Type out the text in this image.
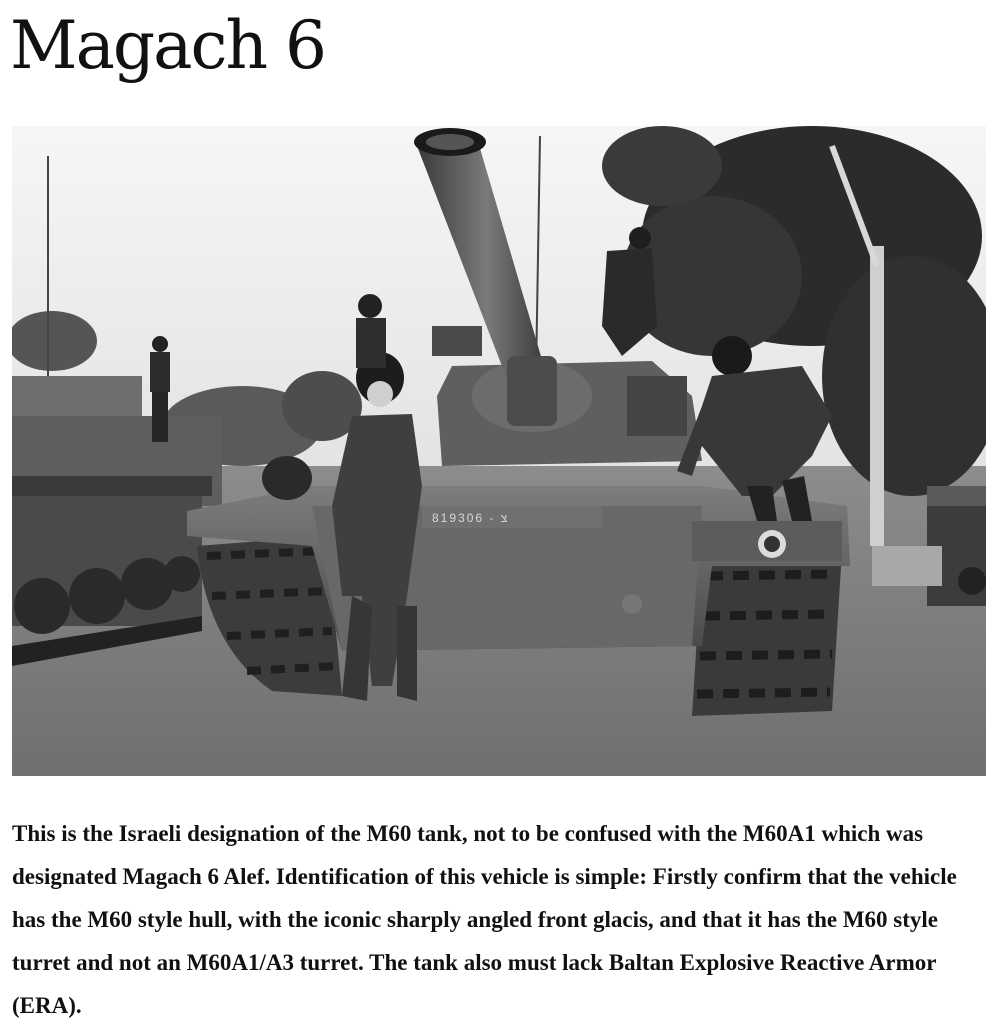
Magach 6
819306 - צ

This is the Israeli designation of the M60 tank, not to be confused with the M60A1 which was designated Magach 6 Alef. Identification of this vehicle is simple: Firstly confirm that the vehicle has the M60 style hull, with the iconic sharply angled front glacis, and that it has the M60 style turret and not an M60A1/A3 turret. The tank also must lack Baltan Explosive Reactive Armor (ERA).
